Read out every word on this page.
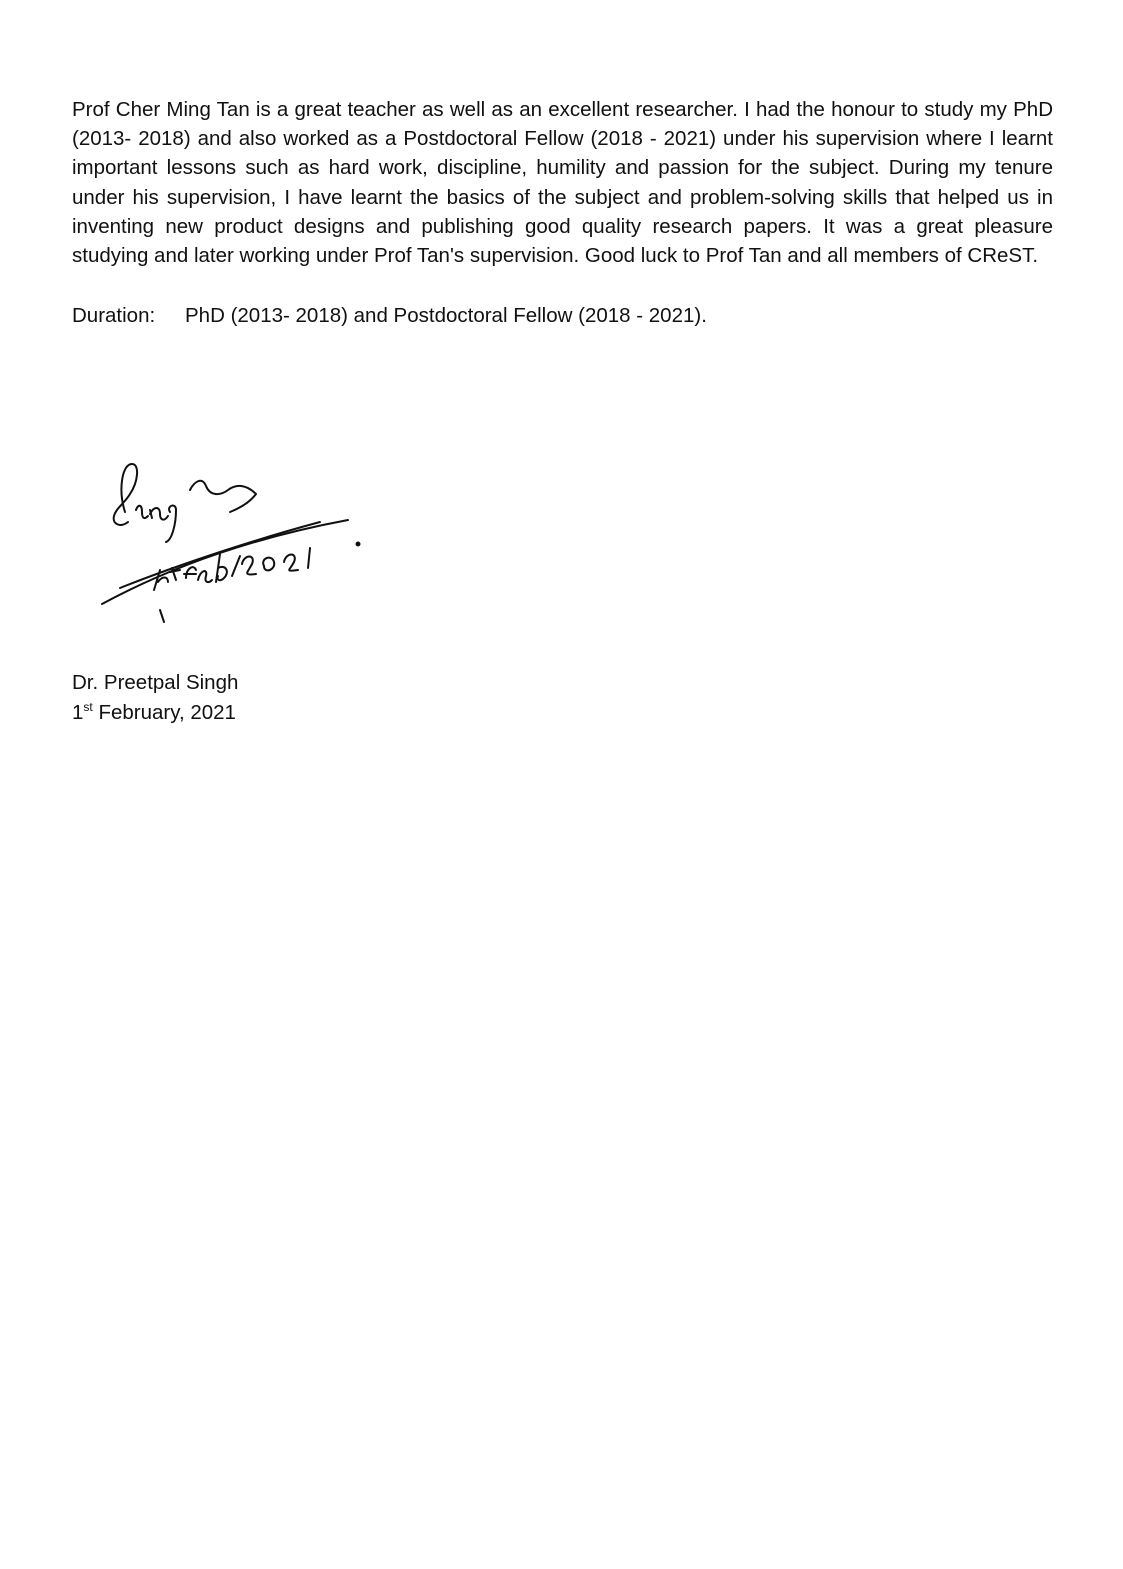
Prof Cher Ming Tan is a great teacher as well as an excellent researcher. I had the honour to study my PhD (2013- 2018) and also worked as a Postdoctoral Fellow (2018 - 2021) under his supervision where I learnt important lessons such as hard work, discipline, humility and passion for the subject. During my tenure under his supervision, I have learnt the basics of the subject and problem-solving skills that helped us in inventing new product designs and publishing good quality research papers. It was a great pleasure studying and later working under Prof Tan's supervision. Good luck to Prof Tan and all members of CReST.

Duration: PhD (2013- 2018) and Postdoctoral Fellow (2018 - 2021).
Dr. Preetpal Singh
1st February, 2021
